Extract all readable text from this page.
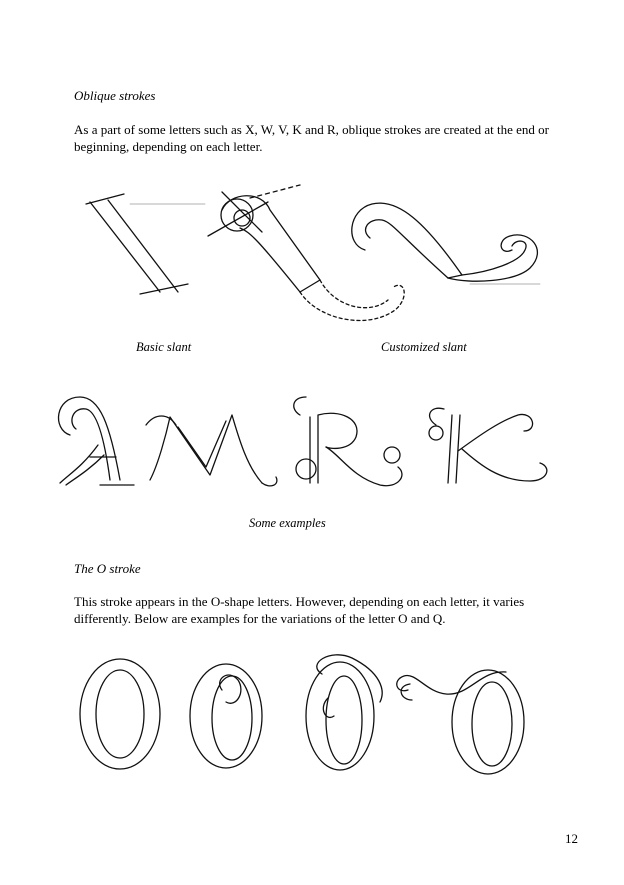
Oblique strokes

As a part of some letters such as X, W, V, K and R, oblique strokes are created at the end or beginning, depending on each letter.

Basic slant	Customized slant
Some examples

The O stroke

This stroke appears in the O-shape letters. However, depending on each letter, it varies differently. Below are examples for the variations of the letter O and Q.

12
